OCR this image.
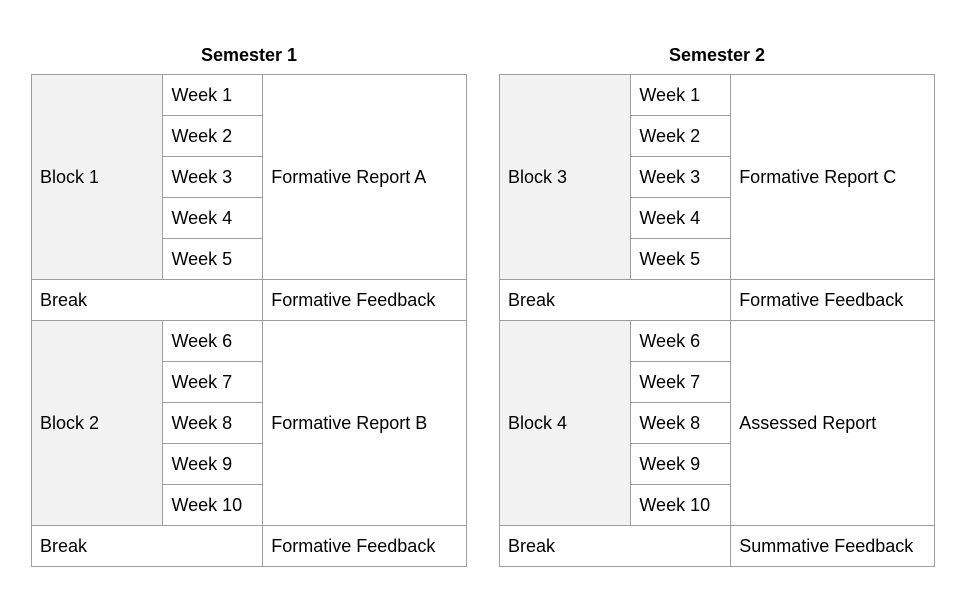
Semester 1
Block 1	Week 1	Formative Report A
	Week 2	
	Week 3	
	Week 4	
	Week 5	
Break		Formative Feedback
Block 2	Week 6	Formative Report B
	Week 7	
	Week 8	
	Week 9	
	Week 10	
Break		Formative Feedback
Semester 2
Block 3	Week 1	Formative Report C
	Week 2	
	Week 3	
	Week 4	
	Week 5	
Break		Formative Feedback
Block 4	Week 6	Assessed Report
	Week 7	
	Week 8	
	Week 9	
	Week 10	
Break		Summative Feedback
